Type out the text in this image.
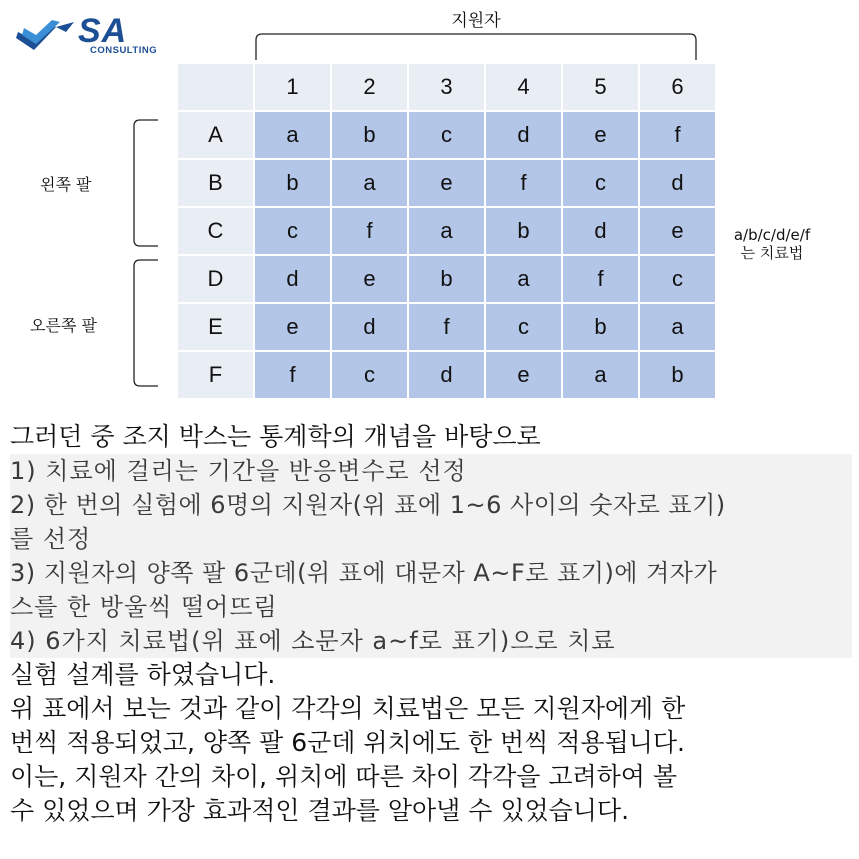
SA
CONSULTING
지원자
왼쪽 팔
오른쪽 팔
a/b/c/d/e/f
는 치료법
	1	2	3	4	5	6
A	a	b	c	d	e	f
B	b	a	e	f	c	d
C	c	f	a	b	d	e
D	d	e	b	a	f	c
E	e	d	f	c	b	a
F	f	c	d	e	a	b
그러던 중 조지 박스는 통계학의 개념을 바탕으로
1) 치료에 걸리는 기간을 반응변수로 선정
2) 한 번의 실험에 6명의 지원자(위 표에 1~6 사이의 숫자로 표기)
를 선정
3) 지원자의 양쪽 팔 6군데(위 표에 대문자 A~F로 표기)에 겨자가
스를 한 방울씩 떨어뜨림
4) 6가지 치료법(위 표에 소문자 a~f로 표기)으로 치료
실험 설계를 하였습니다.
위 표에서 보는 것과 같이 각각의 치료법은 모든 지원자에게 한
번씩 적용되었고, 양쪽 팔 6군데 위치에도 한 번씩 적용됩니다.
이는, 지원자 간의 차이, 위치에 따른 차이 각각을 고려하여 볼
수 있었으며 가장 효과적인 결과를 알아낼 수 있었습니다.
